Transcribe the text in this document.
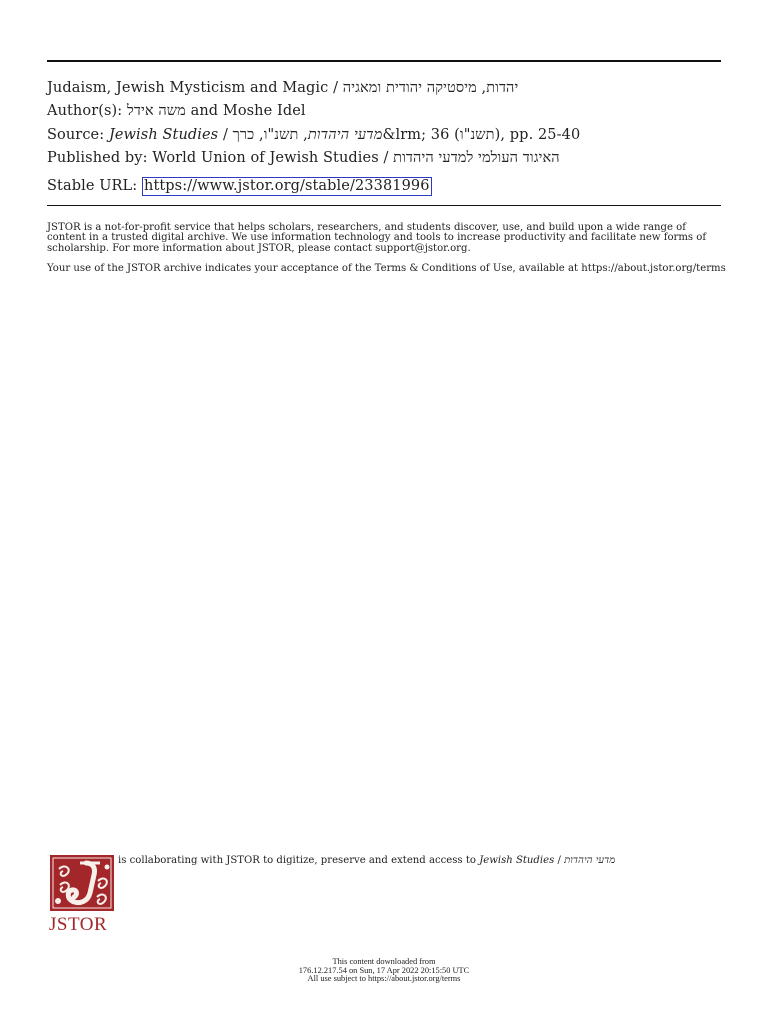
Judaism, Jewish Mysticism and Magic / יהדות, מיסטיקה יהודית ומאגיה
Author(s): משה אידל and Moshe Idel
Source: Jewish Studies /	מדעי היהדות, תשנ"ו, כרך&lrm; 36 (תשנ"ו), pp. 25-40
Published by: World Union of Jewish Studies / האיגוד העולמי למדעי היהדות
Stable URL: https://www.jstor.org/stable/23381996
JSTOR is a not-for-profit service that helps scholars, researchers, and students discover, use, and build upon a wide range of content in a trusted digital archive. We use information technology and tools to increase productivity and facilitate new forms of scholarship. For more information about JSTOR, please contact support@jstor.org.
Your use of the JSTOR archive indicates your acceptance of the Terms & Conditions of Use, available at https://about.jstor.org/terms
JSTOR
is collaborating with JSTOR to digitize, preserve and extend access to Jewish Studies / מדעי היהדות
This content downloaded from
176.12.217.54 on Sun, 17 Apr 2022 20:15:50 UTC
All use subject to https://about.jstor.org/terms
